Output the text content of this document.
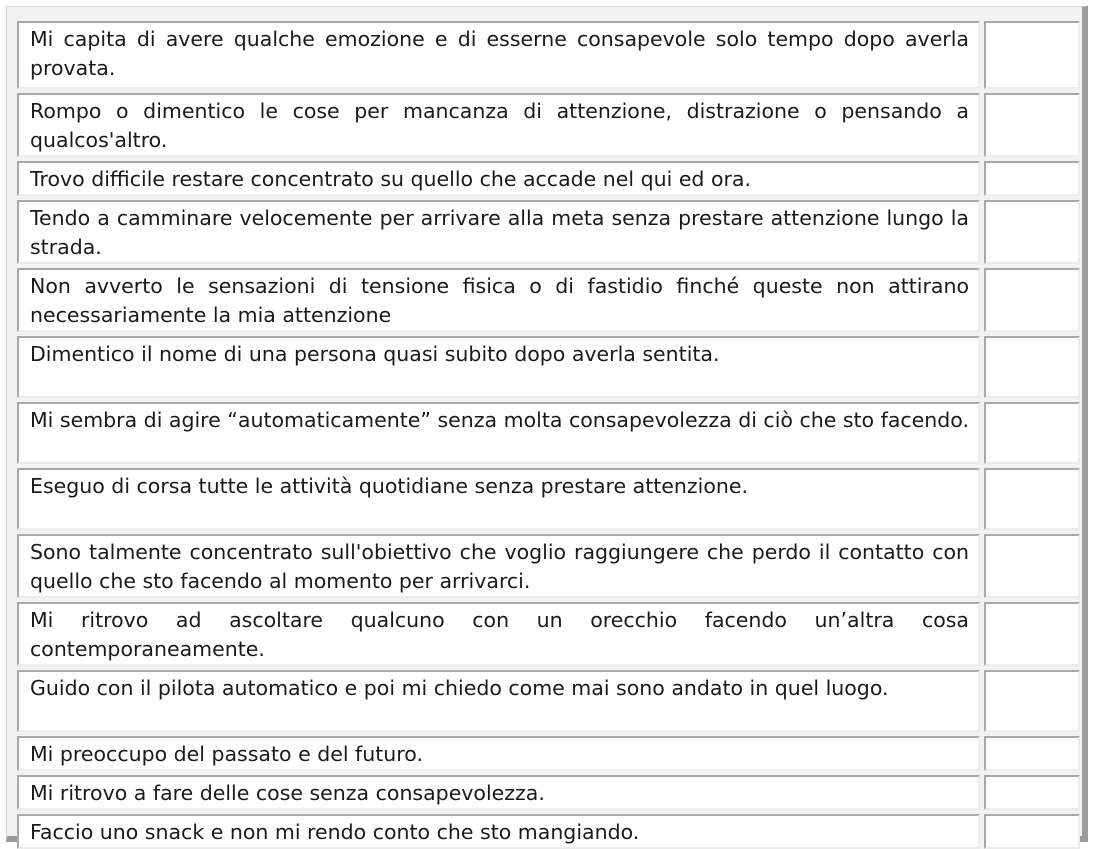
Mi capita di avere qualche emozione e di esserne consapevole solo tempo dopo averla provata.		

Rompo o dimentico le cose per mancanza di attenzione, distrazione o pensando a qualcos'altro.		

Trovo difficile restare concentrato su quello che accade nel qui ed ora.		

Tendo a camminare velocemente per arrivare alla meta senza prestare attenzione lungo la strada.		

Non avverto le sensazioni di tensione fisica o di fastidio finché queste non attirano necessariamente la mia attenzione		

Dimentico il nome di una persona quasi subito dopo averla sentita.		

Mi sembra di agire “automaticamente” senza molta consapevolezza di ciò che sto facendo.		

Eseguo di corsa tutte le attività quotidiane senza prestare attenzione.		

Sono talmente concentrato sull'obiettivo che voglio raggiungere che perdo il contatto con quello che sto facendo al momento per arrivarci.		

Mi ritrovo ad ascoltare qualcuno con un orecchio facendo un’altra cosa contemporaneamente.		

Guido con il pilota automatico e poi mi chiedo come mai sono andato in quel luogo.		

Mi preoccupo del passato e del futuro.		

Mi ritrovo a fare delle cose senza consapevolezza.		

Faccio uno snack e non mi rendo conto che sto mangiando.		
